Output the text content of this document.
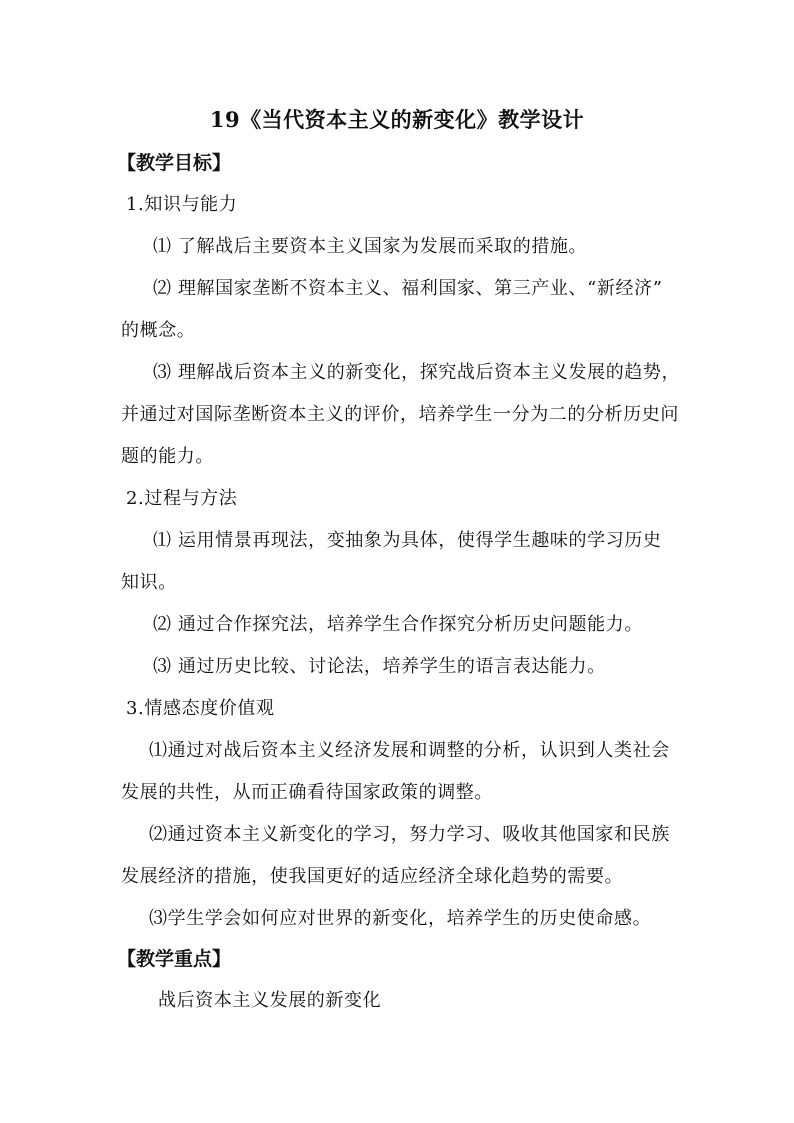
19《当代资本主义的新变化》教学设计
【教学目标】
1.知识与能力
⑴ 了解战后主要资本主义国家为发展而采取的措施。
⑵ 理解国家垄断不资本主义、福利国家、第三产业、“新经济”
的概念。
⑶ 理解战后资本主义的新变化，探究战后资本主义发展的趋势，
并通过对国际垄断资本主义的评价，培养学生一分为二的分析历史问
题的能力。
2.过程与方法
⑴ 运用情景再现法，变抽象为具体，使得学生趣味的学习历史
知识。
⑵ 通过合作探究法，培养学生合作探究分析历史问题能力。
⑶ 通过历史比较、讨论法，培养学生的语言表达能力。
3.情感态度价值观
⑴通过对战后资本主义经济发展和调整的分析，认识到人类社会
发展的共性，从而正确看待国家政策的调整。
⑵通过资本主义新变化的学习，努力学习、吸收其他国家和民族
发展经济的措施，使我国更好的适应经济全球化趋势的需要。
⑶学生学会如何应对世界的新变化，培养学生的历史使命感。
【教学重点】
战后资本主义发展的新变化
